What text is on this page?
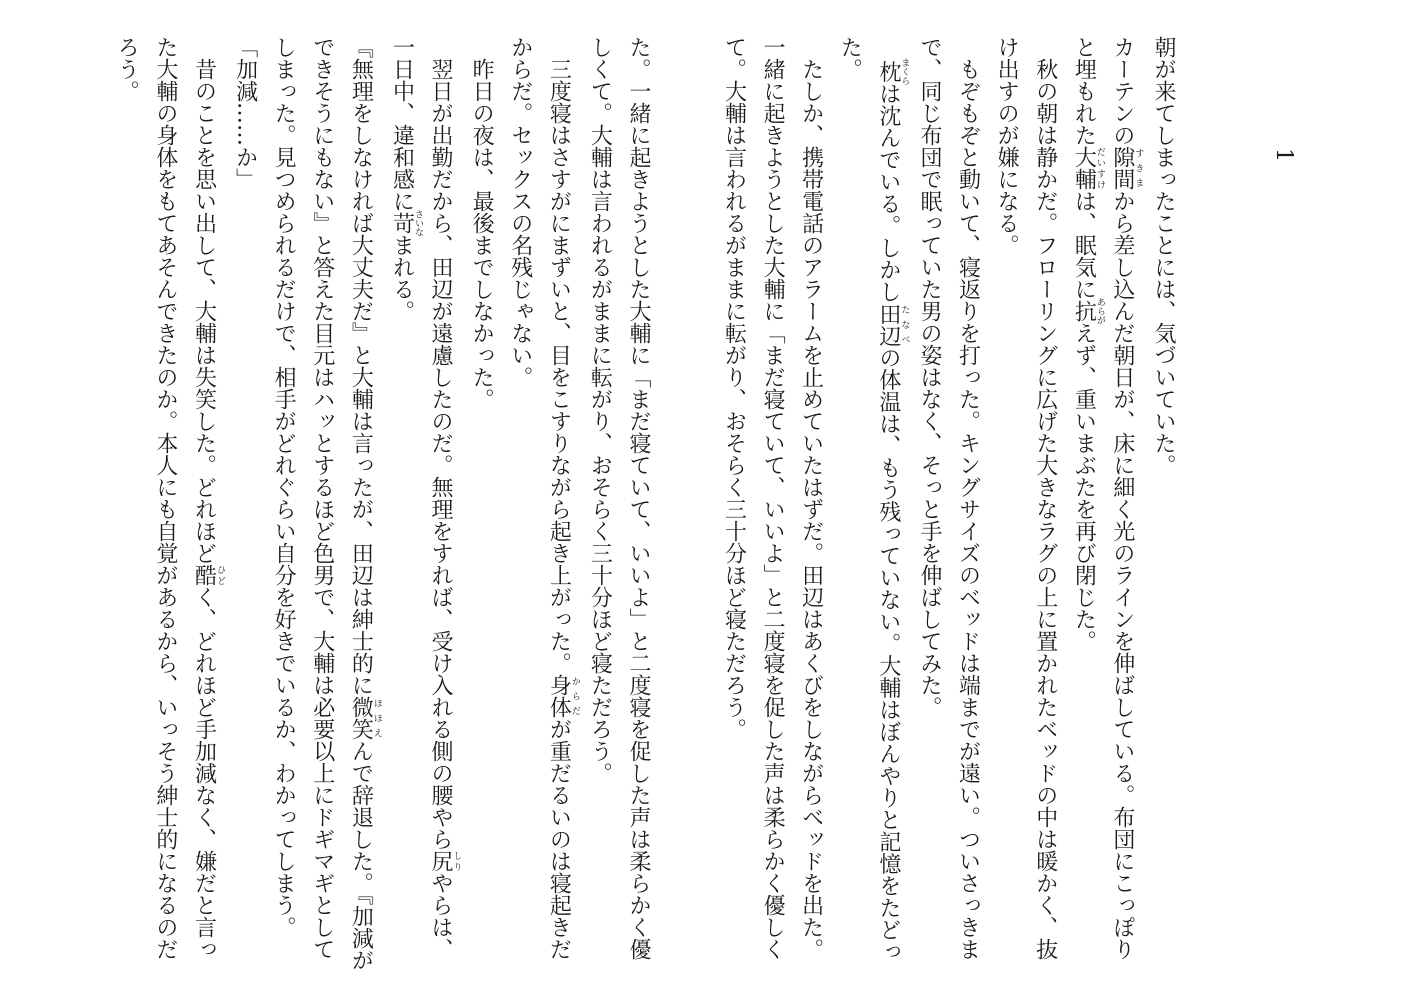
1
朝が来てしまったことには、気づいていた。
カーテンの隙間すきまから差し込んだ朝日が、床に細く光のラインを伸ばしている。布団にこっぽりと埋もれた大輔だいすけは、眠気に抗あらがえず、重いまぶたを再び閉じた。
秋の朝は静かだ。フローリングに広げた大きなラグの上に置かれたベッドの中は暖かく、抜け出すのが嫌になる。
もぞもぞと動いて、寝返りを打った。キングサイズのベッドは端までが遠い。ついさっきまで、同じ布団で眠っていた男の姿はなく、そっと手を伸ばしてみた。
枕まくらは沈んでいる。しかし田辺たなべの体温は、もう残っていない。大輔はぼんやりと記憶をたどった。
たしか、携帯電話のアラームを止めていたはずだ。田辺はあくびをしながらベッドを出た。一緒に起きようとした大輔に「まだ寝ていて、いいよ」と二度寝を促した声は柔らかく優しくて。大輔は言われるがままに転がり、おそらく三十分ほど寝ただろう。
た。一緒に起きようとした大輔に「まだ寝ていて、いいよ」と二度寝を促した声は柔らかく優しくて。大輔は言われるがままに転がり、おそらく三十分ほど寝ただろう。
三度寝はさすがにまずいと、目をこすりながら起き上がった。身体からだが重だるいのは寝起きだからだ。セックスの名残じゃない。
昨日の夜は、最後までしなかった。
翌日が出勤だから、田辺が遠慮したのだ。無理をすれば、受け入れる側の腰やら尻しりやらは、一日中、違和感に苛さいなまれる。
『無理をしなければ大丈夫だ』と大輔は言ったが、田辺は紳士的に微笑ほほえんで辞退した。『加減ができそうにもない』と答えた目元はハッとするほど色男で、大輔は必要以上にドギマギとしてしまった。見つめられるだけで、相手がどれぐらい自分を好きでいるか、わかってしまう。
「加減……か」
昔のことを思い出して、大輔は失笑した。どれほど酷ひどく、どれほど手加減なく、嫌だと言った大輔の身体をもてあそんできたのか。本人にも自覚があるから、いっそう紳士的になるのだろう。
